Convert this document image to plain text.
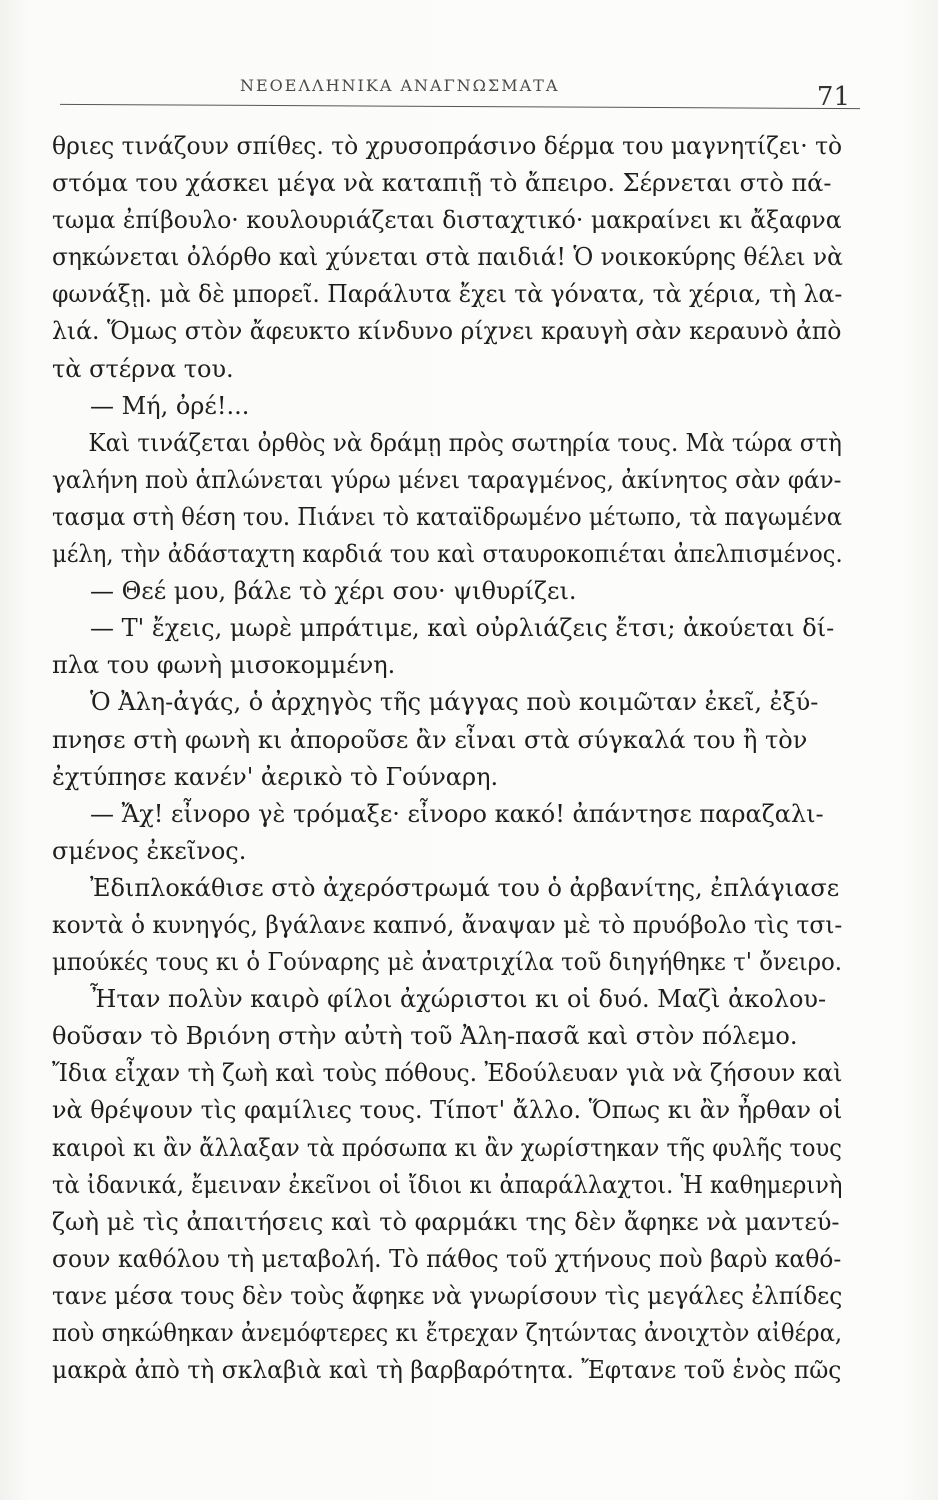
ΝΕΟΕΛΛΗΝΙΚΑ ΑΝΑΓΝΩΣΜΑΤΑ	71
θριες τινάζουν σπίθες. τὸ χρυσοπράσινο δέρμα του μαγνητίζει· τὸ
στόμα του χάσκει μέγα νὰ καταπιῇ τὸ ἄπειρο. Σέρνεται στὸ πά-
τωμα ἐπίβουλο· κουλουριάζεται δισταχτικό· μακραίνει κι ἄξαφνα
σηκώνεται ὀλόρθο καὶ χύνεται στὰ παιδιά! Ὁ νοικοκύρης θέλει νὰ
φωνάξῃ. μὰ δὲ μπορεῖ. Παράλυτα ἔχει τὰ γόνατα, τὰ χέρια, τὴ λα-
λιά. Ὅμως στὸν ἄφευκτο κίνδυνο ρίχνει κραυγὴ σὰν κεραυνὸ ἀπὸ
τὰ στέρνα του.
— Μή, ὀρέ!...
Καὶ τινάζεται ὀρθὸς νὰ δράμῃ πρὸς σωτηρία τους. Μὰ τώρα στὴ
γαλήνη ποὺ ἁπλώνεται γύρω μένει ταραγμένος, ἀκίνητος σὰν φάν-
τασμα στὴ θέση του. Πιάνει τὸ καταϊδρωμένο μέτωπο, τὰ παγωμένα
μέλη, τὴν ἀδάσταχτη καρδιά του καὶ σταυροκοπιέται ἀπελπισμένος.
— Θεέ μου, βάλε τὸ χέρι σου· ψιθυρίζει.
— Τ' ἔχεις, μωρὲ μπράτιμε, καὶ οὐρλιάζεις ἔτσι; ἀκούεται δί-
πλα του φωνὴ μισοκομμένη.
Ὁ Ἀλη-ἀγάς, ὁ ἀρχηγὸς τῆς μάγγας ποὺ κοιμῶταν ἐκεῖ, ἐξύ-
πνησε στὴ φωνὴ κι ἀποροῦσε ἂν εἶναι στὰ σύγκαλά του ἢ τὸν
ἐχτύπησε κανέν' ἀερικὸ τὸ Γούναρη.
— Ἄχ! εἶνορο γὲ τρόμαξε· εἶνορο κακό! ἀπάντησε παραζαλι-
σμένος ἐκεῖνος.
Ἐδιπλοκάθισε στὸ ἀχερόστρωμά του ὁ ἀρβανίτης, ἐπλάγιασε
κοντὰ ὁ κυνηγός, βγάλανε καπνό, ἄναψαν μὲ τὸ πρυόβολο τὶς τσι-
μπούκές τους κι ὁ Γούναρης μὲ ἀνατριχίλα τοῦ διηγήθηκε τ' ὄνειρο.
Ἦταν πολὺν καιρὸ φίλοι ἀχώριστοι κι οἱ δυό. Μαζὶ ἀκολου-
θοῦσαν τὸ Βριόνη στὴν αὐτὴ τοῦ Ἀλη-πασᾶ καὶ στὸν πόλεμο.
Ἴδια εἶχαν τὴ ζωὴ καὶ τοὺς πόθους. Ἐδούλευαν γιὰ νὰ ζήσουν καὶ
νὰ θρέψουν τὶς φαμίλιες τους. Τίποτ' ἄλλο. Ὅπως κι ἂν ἦρθαν οἱ
καιροὶ κι ἂν ἄλλαξαν τὰ πρόσωπα κι ἂν χωρίστηκαν τῆς φυλῆς τους
τὰ ἰδανικά, ἔμειναν ἐκεῖνοι οἱ ἴδιοι κι ἀπαράλλαχτοι. Ἡ καθημερινὴ
ζωὴ μὲ τὶς ἀπαιτήσεις καὶ τὸ φαρμάκι της δὲν ἄφηκε νὰ μαντεύ-
σουν καθόλου τὴ μεταβολή. Τὸ πάθος τοῦ χτήνους ποὺ βαρὺ καθό-
τανε μέσα τους δὲν τοὺς ἄφηκε νὰ γνωρίσουν τὶς μεγάλες ἐλπίδες
ποὺ σηκώθηκαν ἀνεμόφτερες κι ἔτρεχαν ζητώντας ἀνοιχτὸν αἰθέρα,
μακρὰ ἀπὸ τὴ σκλαβιὰ καὶ τὴ βαρβαρότητα. Ἔφτανε τοῦ ἑνὸς πῶς
